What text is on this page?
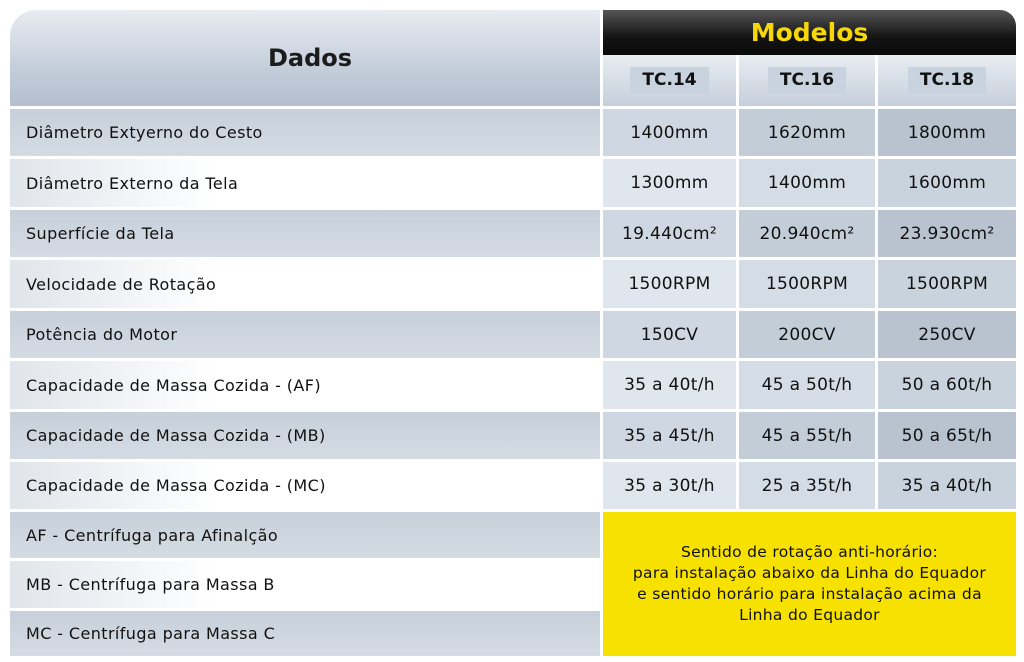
Dados
Modelos
TC.14	TC.16	TC.18
Diâmetro Extyerno do Cesto	1400mm	1620mm	1800mm
Diâmetro Externo da Tela	1300mm	1400mm	1600mm
Superfície da Tela	19.440cm²	20.940cm²	23.930cm²
Velocidade de Rotação	1500RPM	1500RPM	1500RPM
Potência do Motor	150CV	200CV	250CV
Capacidade de Massa Cozida - (AF)	35 a 40t/h	45 a 50t/h	50 a 60t/h
Capacidade de Massa Cozida - (MB)	35 a 45t/h	45 a 55t/h	50 a 65t/h
Capacidade de Massa Cozida - (MC)	35 a 30t/h	25 a 35t/h	35 a 40t/h
AF - Centrífuga para Afinalção
MB - Centrífuga para Massa B
MC - Centrífuga para Massa C
Sentido de rotação anti-horário:
para instalação abaixo da Linha do Equador
e sentido horário para instalação acima da
Linha do Equador
